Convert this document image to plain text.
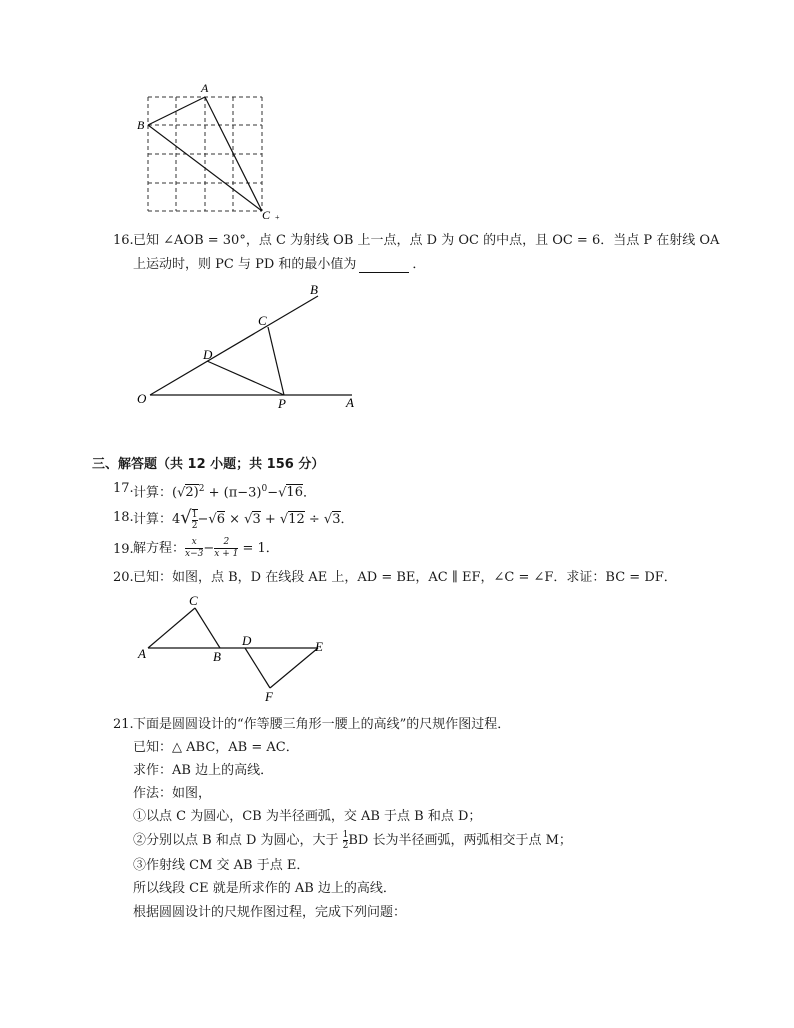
A
B
C +
16. 已知 ∠AOB = 30°，点 C 为射线 OB 上一点，点 D 为 OC 的中点，且 OC = 6．当点 P 在射线 OA
上运动时，则 PC 与 PD 和的最小值为	．
B
C
D
O	P	A
三、解答题（共 12 小题；共 156 分）
17. 计算：$(√2)^2 + (\pi-3)^0-√16$．
18. 计算：$4√ \frac{1}{2} -√6 \times √3 + √12 \div √3$．
19. 解方程： $\frac{x}{x-3} - \frac{2}{x + 1} = 1$．
20. 已知：如图，点 B，D 在线段 AE 上，AD = BE，AC ∥ EF，∠C = ∠F．求证：BC = DF．
C
A	B
D	E
F
21. 下面是圆圆设计的“作等腰三角形一腰上的高线”的尺规作图过程．
已知：△ ABC，AB = AC．
求作：AB 边上的高线．
作法：如图，
①以点 C 为圆心，CB 为半径画弧，交 AB 于点 B 和点 D；
②分别以点 B 和点 D 为圆心，大于 $\frac{1}{2}$ BD 长为半径画弧，两弧相交于点 M；
③作射线 CM 交 AB 于点 E．
所以线段 CE 就是所求作的 AB 边上的高线．
根据圆圆设计的尺规作图过程，完成下列问题：
